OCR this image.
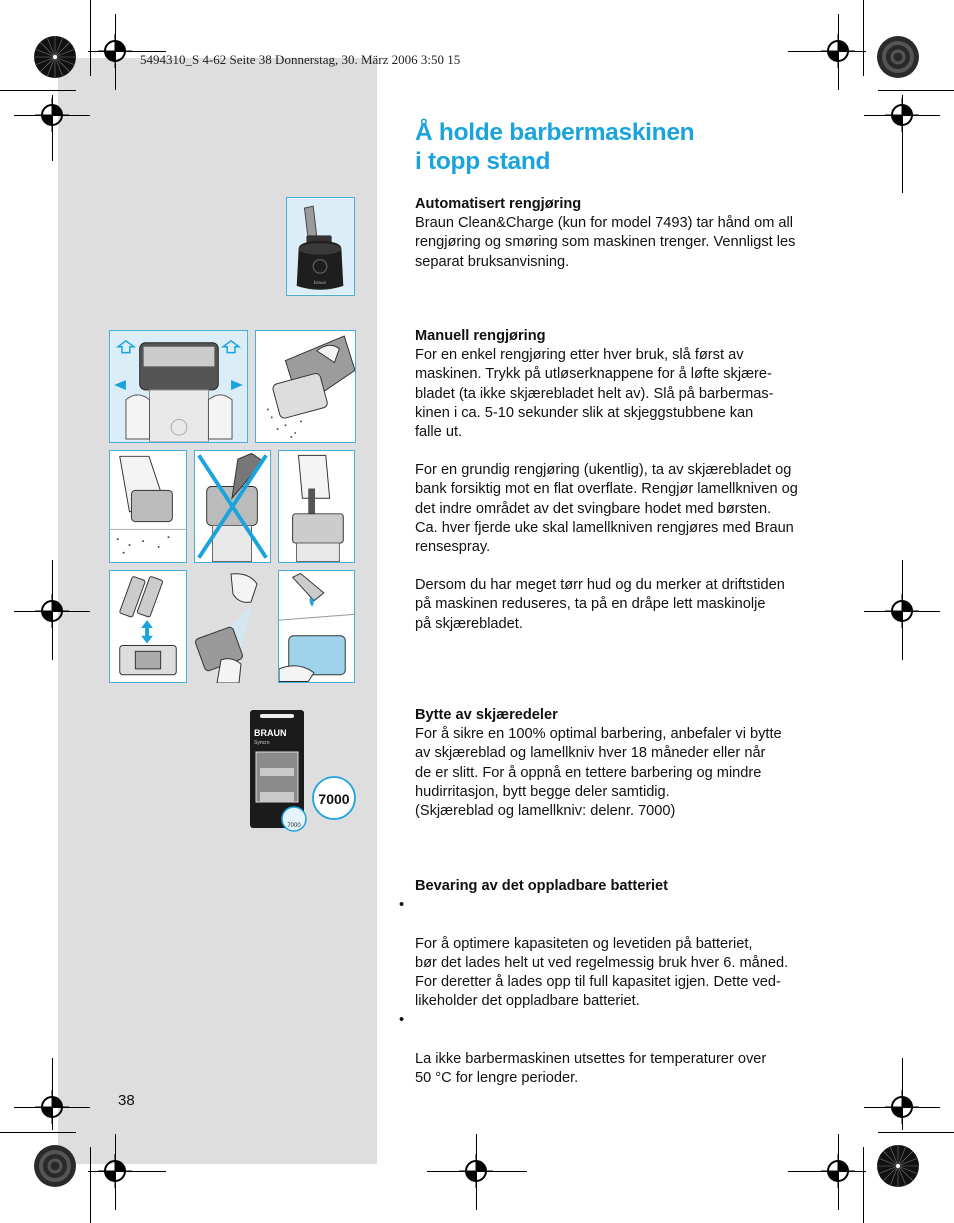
5494310_S 4-62 Seite 38 Donnerstag, 30. März 2006 3:50 15
Å holde barbermaskinen
i topp stand
Automatisert rengjøring
Braun Clean&Charge (kun for model 7493) tar hånd om all
rengjøring og smøring som maskinen trenger. Vennligst les
separat bruksanvisning.
Manuell rengjøring
For en enkel rengjøring etter hver bruk, slå først av
maskinen. Trykk på utløserknappene for å løfte skjære-
bladet (ta ikke skjærebladet helt av). Slå på barbermas-
kinen i ca. 5-10 sekunder slik at skjeggstubbene kan
falle ut.
For en grundig rengjøring (ukentlig), ta av skjærebladet og
bank forsiktig mot en flat overflate. Rengjør lamellkniven og
det indre området av det svingbare hodet med børsten.
Ca. hver fjerde uke skal lamellkniven rengjøres med Braun
rensespray.
Dersom du har meget tørr hud og du merker at driftstiden
på maskinen reduseres, ta på en dråpe lett maskinolje
på skjærebladet.
Bytte av skjæredeler
For å sikre en 100% optimal barbering, anbefaler vi bytte
av skjæreblad og lamellkniv hver 18 måneder eller når
de er slitt. For å oppnå en tettere barbering og mindre
hudirritasjon, bytt begge deler samtidig.
(Skjæreblad og lamellkniv: delenr. 7000)
Bevaring av det oppladbare batteriet

•

For å optimere kapasiteten og levetiden på batteriet,
bør det lades helt ut ved regelmessig bruk hver 6. måned.
For deretter å lades opp til full kapasitet igjen. Dette ved-
likeholder det oppladbare batteriet.

•

La ikke barbermaskinen utsettes for temperaturer over
50 °C for lengre perioder.

38
braun
BRAUN
Syncro
7000
7000
